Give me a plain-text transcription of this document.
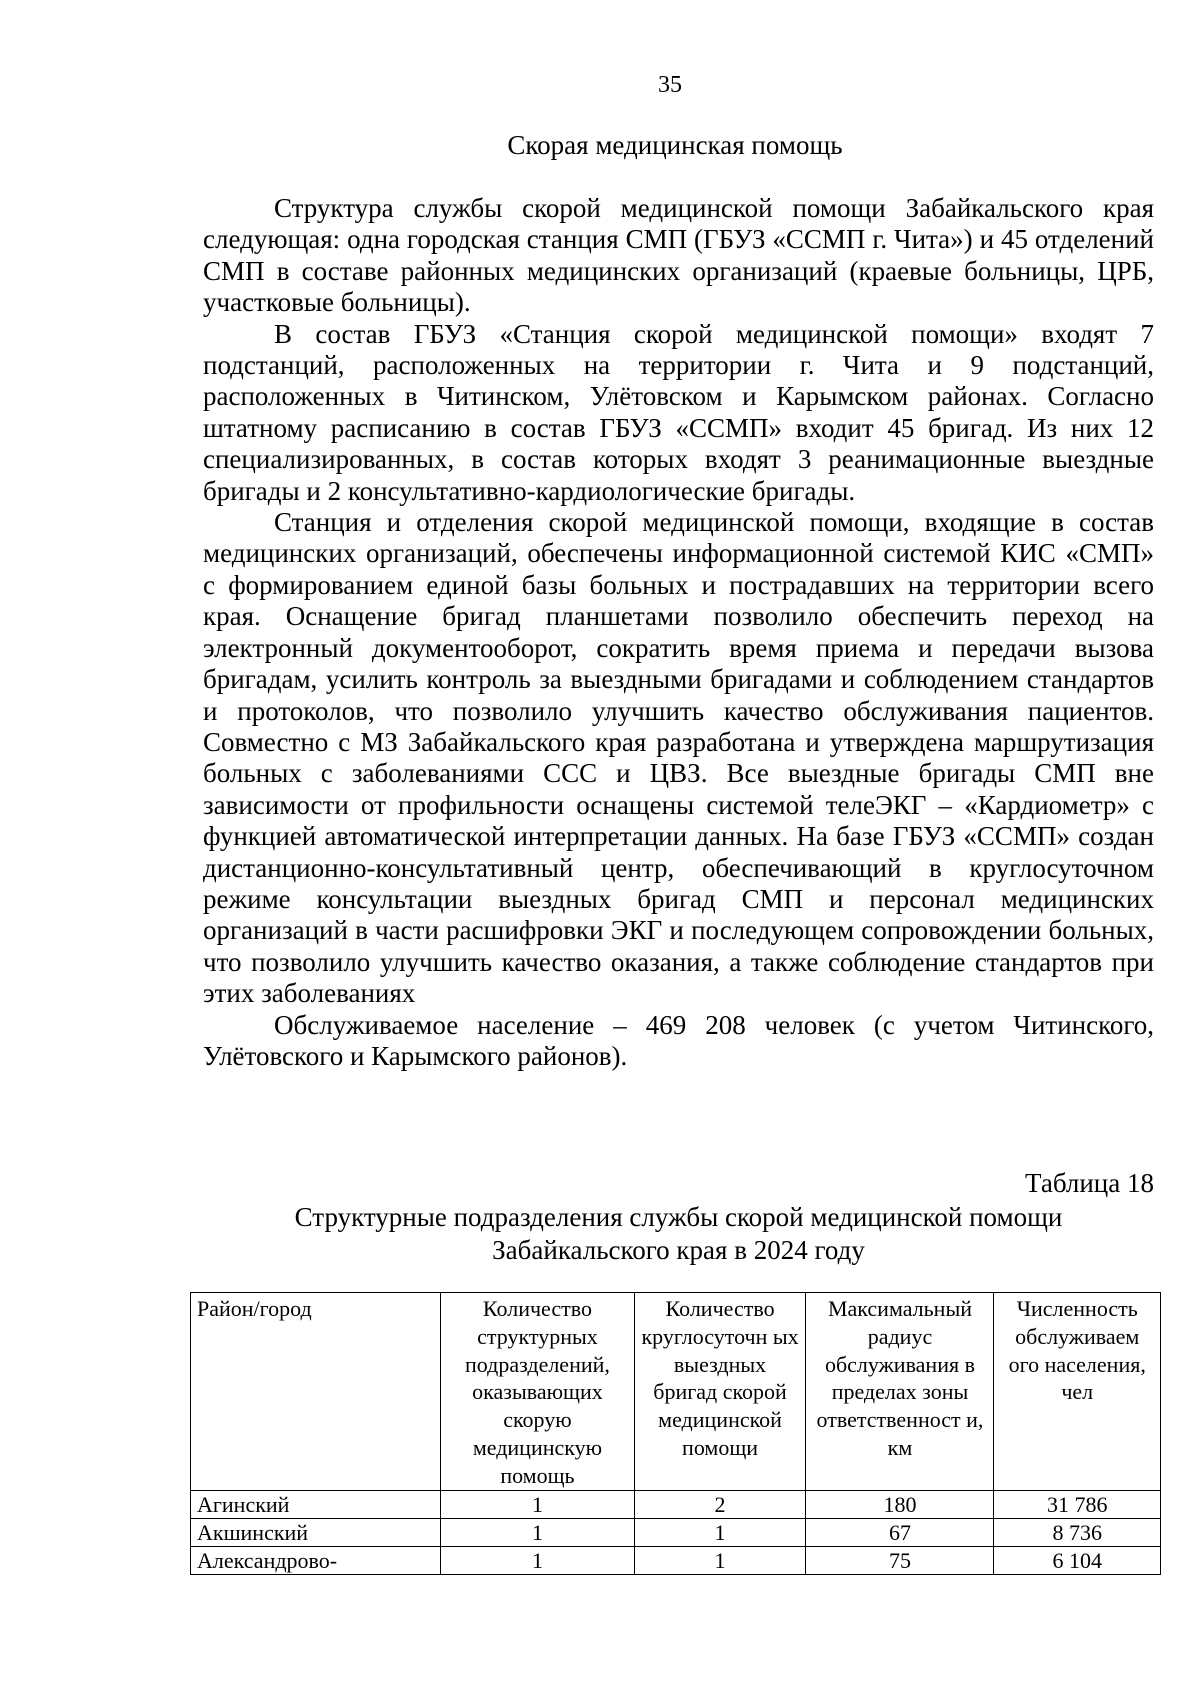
35
Скорая медицинская помощь

Структура службы скорой медицинской помощи Забайкальского края следующая: одна городская станция СМП (ГБУЗ «ССМП г. Чита») и 45 отделений СМП в составе районных медицинских организаций (краевые больницы, ЦРБ, участковые больницы).

В состав ГБУЗ «Станция скорой медицинской помощи» входят 7 подстанций, расположенных на территории г. Чита и 9 подстанций, расположенных в Читинском, Улётовском и Карымском районах. Согласно штатному расписанию в состав ГБУЗ «ССМП» входит 45 бригад. Из них 12 специализированных, в состав которых входят 3 реанимационные выездные бригады и 2 консультативно-кардиологические бригады.

Станция и отделения скорой медицинской помощи, входящие в состав медицинских организаций, обеспечены информационной системой КИС «СМП» с формированием единой базы больных и пострадавших на территории всего края. Оснащение бригад планшетами позволило обеспечить переход на электронный документооборот, сократить время приема и передачи вызова бригадам, усилить контроль за выездными бригадами и соблюдением стандартов и протоколов, что позволило улучшить качество обслуживания пациентов. Совместно с МЗ Забайкальского края разработана и утверждена маршрутизация больных с заболеваниями ССС и ЦВЗ. Все выездные бригады СМП вне зависимости от профильности оснащены системой телеЭКГ – «Кардиометр» с функцией автоматической интерпретации данных. На базе ГБУЗ «ССМП» создан дистанционно-консультативный центр, обеспечивающий в круглосуточном режиме консультации выездных бригад СМП и персонал медицинских организаций в части расшифровки ЭКГ и последующем сопровождении больных, что позволило улучшить качество оказания, а также соблюдение стандартов при этих заболеваниях

Обслуживаемое население – 469 208 человек (с учетом Читинского, Улётовского и Карымского районов).

Таблица 18
Структурные подразделения службы скорой медицинской помощи
Забайкальского края в 2024 году
Район/город	Количество структурных подразделений, оказывающих скорую медицинскую помощь	Количество круглосуточн ых выездных бригад скорой медицинской помощи	Максимальный радиус обслуживания в пределах зоны ответственност и, км	Численность обслуживаем ого населения, чел
Агинский	1	2	180	31 786
Акшинский	1	1	67	8 736
Александрово-	1	1	75	6 104
